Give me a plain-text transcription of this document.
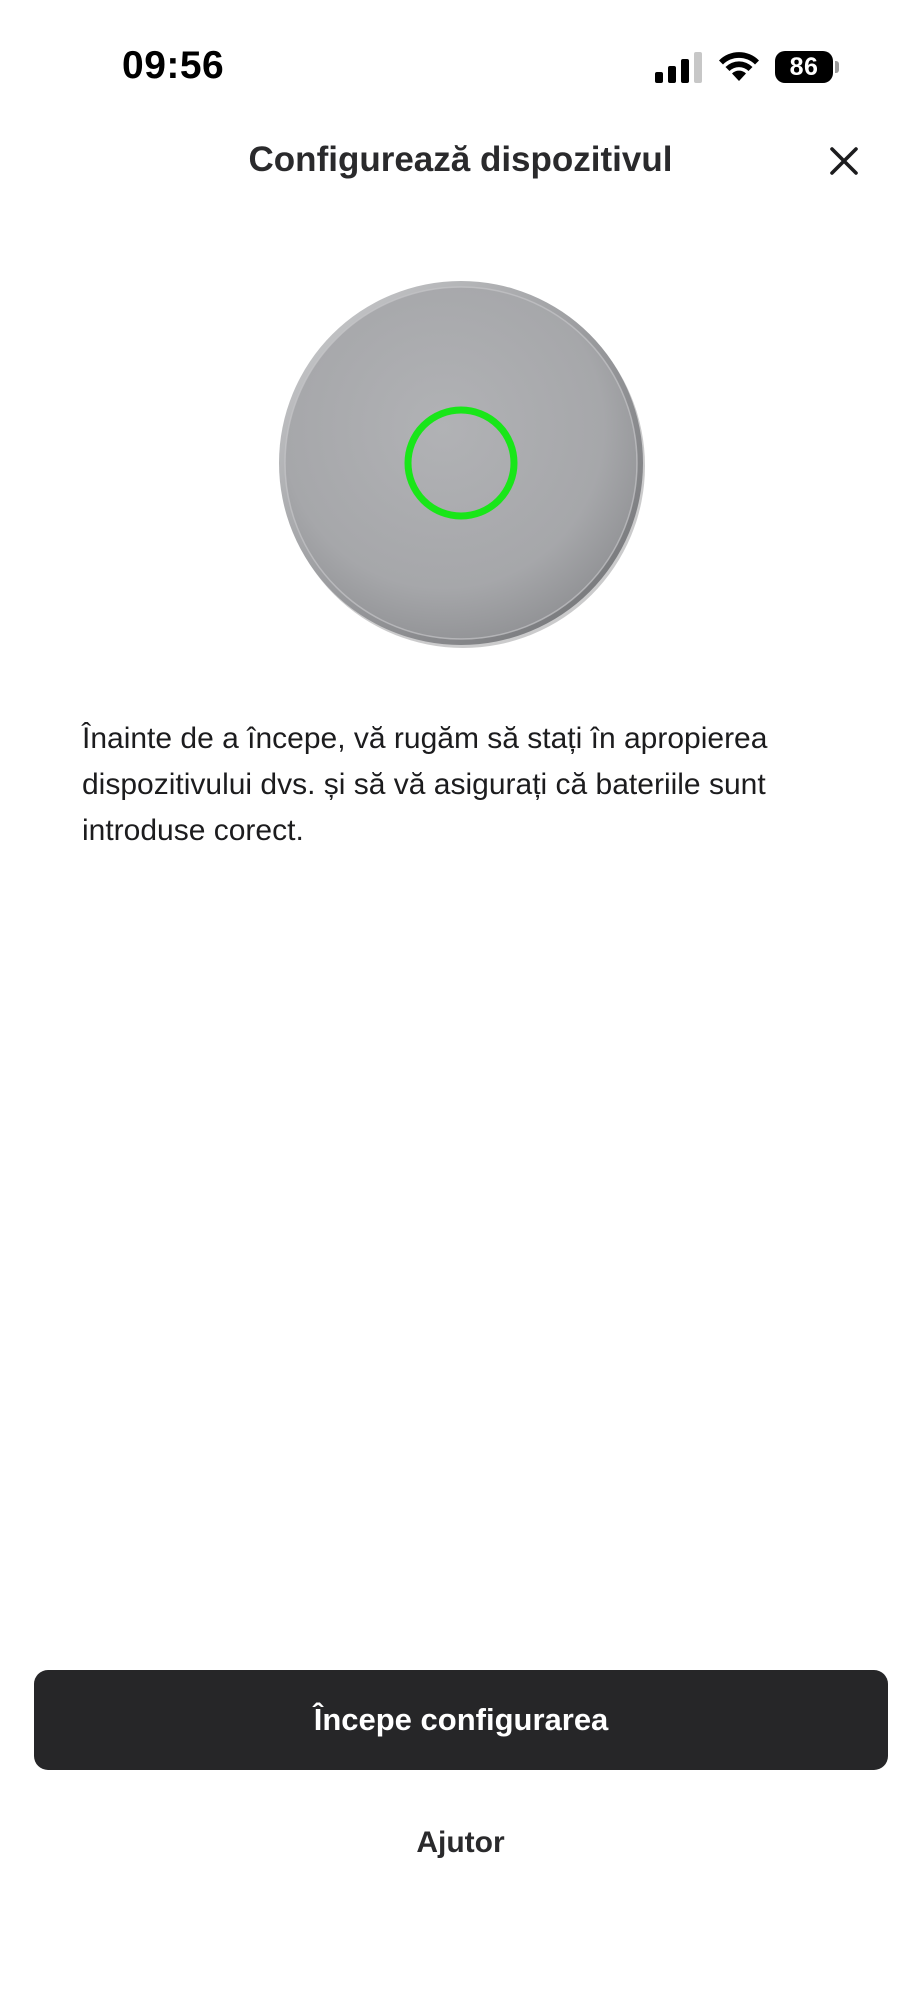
09:56	86
Configurează dispozitivul

Înainte de a începe, vă rugăm să stați în apropierea dispozitivului dvs. și să vă asigurați că bateriile sunt introduse corect.

Începe configurarea
Ajutor
